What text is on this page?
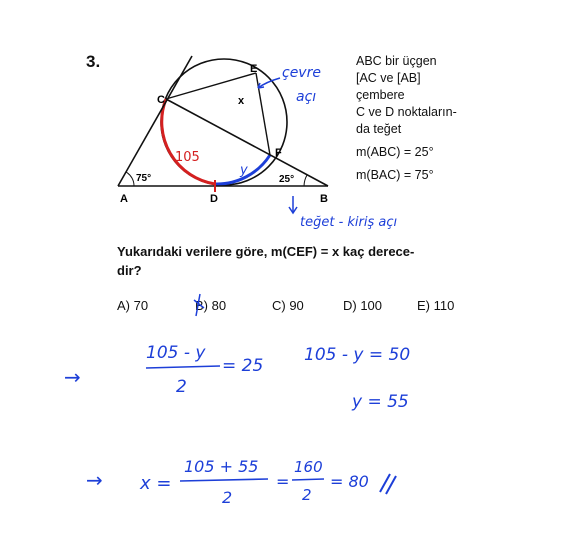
3.	ABC bir üçgen
[AC ve [AB]
çembere
C ve D noktaların-
da teğet
m(ABC) = 25°
m(BAC) = 75°
Yukarıdaki verilere göre, m(CEF) = x kaç derece-
dir?
A) 70	B) 80	C) 90	D) 100	E) 110
C
E
F
A	D	B
x
75°	25°
105
y
çevre
açı
teğet - kiriş açı
→
105 - y
2
= 25
105 - y = 50
y = 55
→ x =
105 + 55
2
=
160
2
= 80
